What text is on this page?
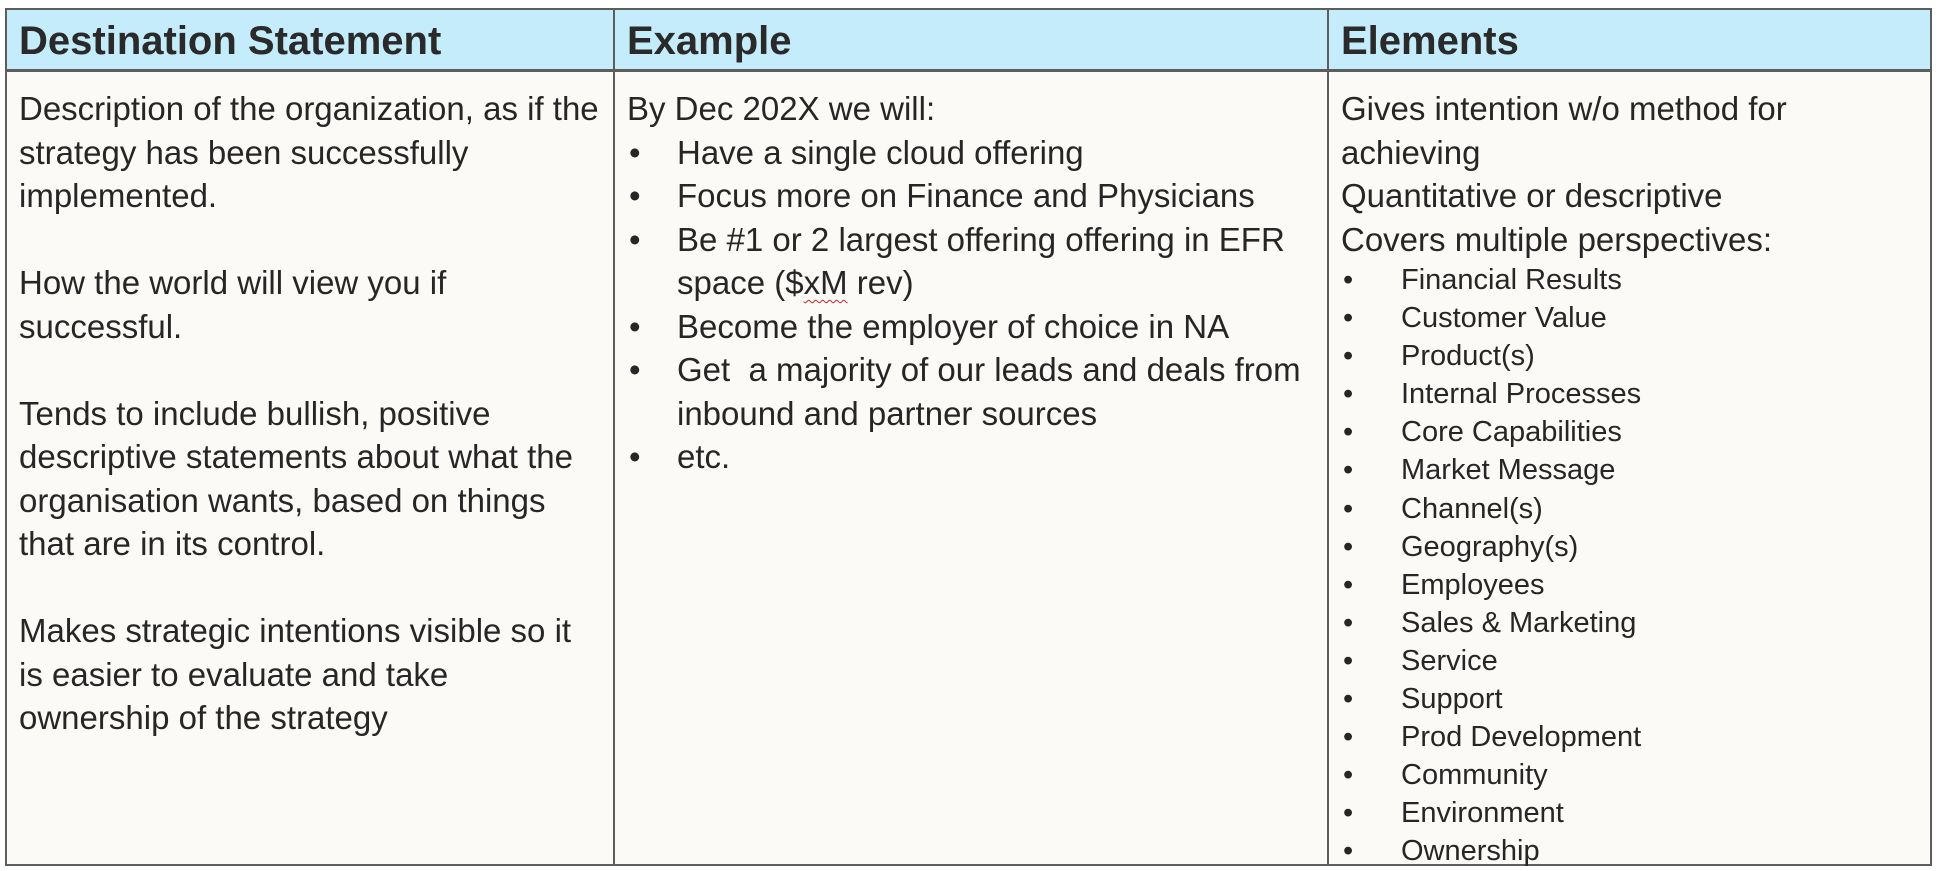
Destination Statement	Example	Elements

Description of the organization, as if the strategy has been successfully implemented.

How the world will view you if successful.

Tends to include bullish, positive descriptive statements about what the organisation wants, based on things that are in its control.

Makes strategic intentions visible so it is easier to evaluate and take ownership of the strategy

By Dec 202X we will:

• Have a single cloud offering
• Focus more on Finance and Physicians
• Be #1 or 2 largest offering offering in EFR space ($xM rev)
• Become the employer of choice in NA
• Get  a majority of our leads and deals from inbound and partner sources
• etc.

Gives intention w/o method for achieving

Quantitative or descriptive

Covers multiple perspectives:

• Financial Results
• Customer Value
• Product(s)
• Internal Processes
• Core Capabilities
• Market Message
• Channel(s)
• Geography(s)
• Employees
• Sales & Marketing
• Service
• Support
• Prod Development
• Community
• Environment
• Ownership
